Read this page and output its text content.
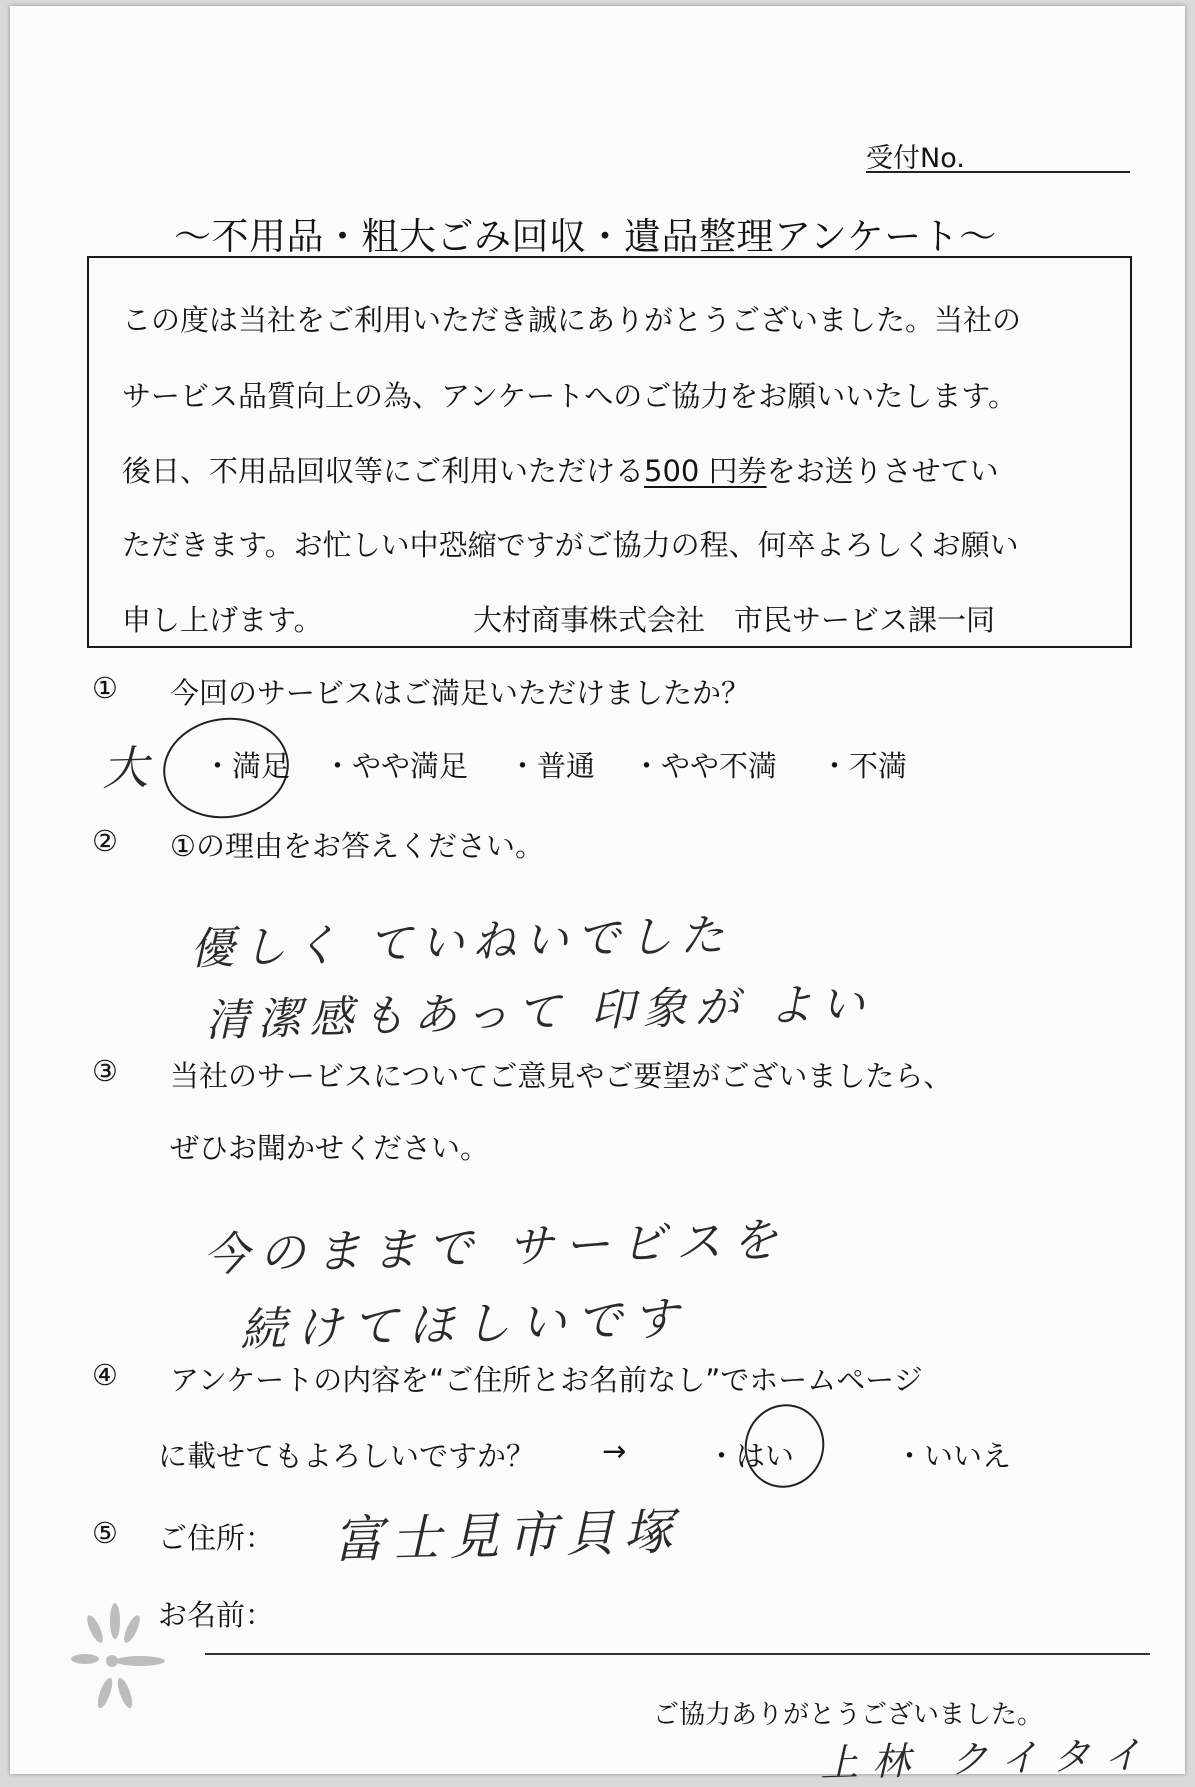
受付No.
～不用品・粗大ごみ回収・遺品整理アンケート～
この度は当社をご利用いただき誠にありがとうございました。当社の
サービス品質向上の為、アンケートへのご協力をお願いいたします。
後日、不用品回収等にご利用いただける500 円券をお送りさせてい
ただきます。お忙しい中恐縮ですがご協力の程、何卒よろしくお願い
申し上げます。	大村商事株式会社　市民サービス課一同
① 今回のサービスはご満足いただけましたか？
大 ・満足 ・やや満足 ・普通 ・やや不満 ・不満
② ①の理由をお答えください。
優しく ていねいでした
清潔感もあって 印象が よい
③ 当社のサービスについてご意見やご要望がございましたら、
ぜひお聞かせください。
今のままで サービスを
続けてほしいです
④ アンケートの内容を“ご住所とお名前なし”でホームページ
に載せてもよろしいですか？ →	・はい	・いいえ
⑤ ご住所： 富士見市貝塚
お名前：
ご協力ありがとうございました。
上林 クイタイ
